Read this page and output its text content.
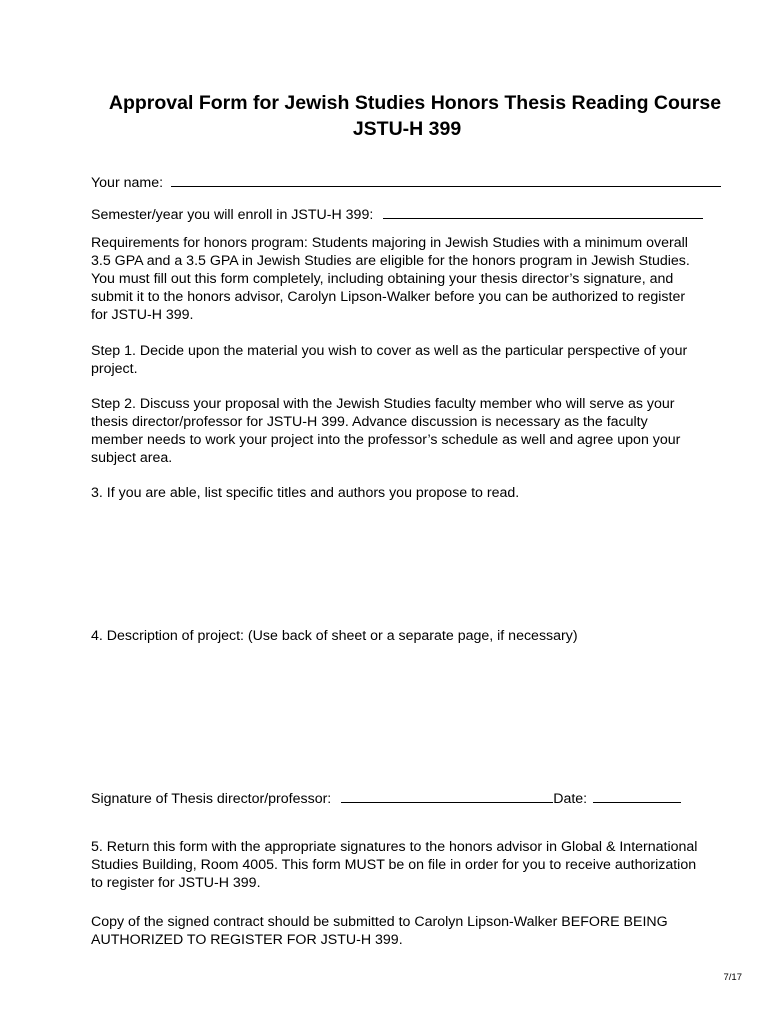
Approval Form for Jewish Studies Honors Thesis Reading Course
JSTU-H 399
Your name:
Semester/year you will enroll in JSTU-H 399:
Requirements for honors program: Students majoring in Jewish Studies with a minimum overall
3.5 GPA and a 3.5 GPA in Jewish Studies are eligible for the honors program in Jewish Studies.
You must fill out this form completely, including obtaining your thesis director’s signature, and
submit it to the honors advisor, Carolyn Lipson-Walker before you can be authorized to register
for JSTU-H 399.
Step 1. Decide upon the material you wish to cover as well as the particular perspective of your
project.
Step 2. Discuss your proposal with the Jewish Studies faculty member who will serve as your
thesis director/professor for JSTU-H 399. Advance discussion is necessary as the faculty
member needs to work your project into the professor’s schedule as well and agree upon your
subject area.
3. If you are able, list specific titles and authors you propose to read.
4. Description of project: (Use back of sheet or a separate page, if necessary)
Signature of Thesis director/professor:	Date:
5. Return this form with the appropriate signatures to the honors advisor in Global & International
Studies Building, Room 4005. This form MUST be on file in order for you to receive authorization
to register for JSTU-H 399.
Copy of the signed contract should be submitted to Carolyn Lipson-Walker BEFORE BEING
AUTHORIZED TO REGISTER FOR JSTU-H 399.
7/17
